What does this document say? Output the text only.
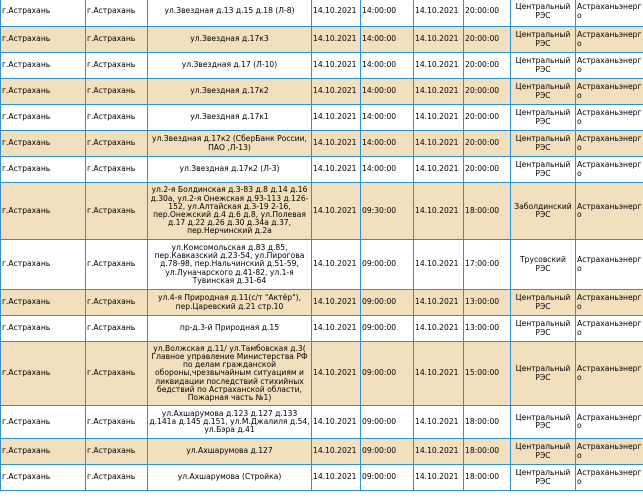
г.Астрахань	г.Астрахань	ул.Звездная д.13 д.15 д.18 (Л-8)	14.10.2021	14:00:00	14.10.2021	20:00:00	Центральный РЭС	Астраханьэнерго
г.Астрахань	г.Астрахань	ул.Звездная д.17к3	14.10.2021	14:00:00	14.10.2021	20:00:00	Центральный РЭС	Астраханьэнерго
г.Астрахань	г.Астрахань	ул.Звездная д.17 (Л-10)	14.10.2021	14:00:00	14.10.2021	20:00:00	Центральный РЭС	Астраханьэнерго
г.Астрахань	г.Астрахань	ул.Звездная д.17к2	14.10.2021	14:00:00	14.10.2021	20:00:00	Центральный РЭС	Астраханьэнерго
г.Астрахань	г.Астрахань	ул.Звездная д.17к1	14.10.2021	14:00:00	14.10.2021	20:00:00	Центральный РЭС	Астраханьэнерго
г.Астрахань	г.Астрахань	ул.Звездная д.17к2 (СберБанк России, ПАО ,Л-13)	14.10.2021	14:00:00	14.10.2021	20:00:00	Центральный РЭС	Астраханьэнерго
г.Астрахань	г.Астрахань	ул.Звездная д.17к2 (Л-3)	14.10.2021	14:00:00	14.10.2021	20:00:00	Центральный РЭС	Астраханьэнерго
г.Астрахань	г.Астрахань	ул.2-я Болдинская д.3-83 д.8 д.14 д.16 д.30а, ул.2-я Онежская д.93-113 д.126-152, ул.Алтайская д.3-19 2-16, пер.Онежский д.4 д.6 д.8, ул.Полевая д.17 д.22 д.26 д.30 д.34а д.37, пер.Нерчинский д.2а	14.10.2021	09:30:00	14.10.2021	18:00:00	Заболдинский РЭС	Астраханьэнерго
г.Астрахань	г.Астрахань	ул.Комсомольская д.83 д.85, пер.Кавказский д.23-54, ул.Пирогова д.78-98, пер.Нальчинский д.51-59, ул.Луначарского д.41-82, ул.1-я Тувинская д.31-64	14.10.2021	09:00:00	14.10.2021	17:00:00	Трусовский РЭС	Астраханьэнерго
г.Астрахань	г.Астрахань	ул.4-я Природная д.11(с/т "Актёр"), пер.Царевский д.21 стр.10	14.10.2021	09:00:00	14.10.2021	13:00:00	Центральный РЭС	Астраханьэнерго
г.Астрахань	г.Астрахань	пр-д.3-й Природная д.15	14.10.2021	09:00:00	14.10.2021	13:00:00	Центральный РЭС	Астраханьэнерго
г.Астрахань	г.Астрахань	ул.Волжская д.11/ ул.Тамбовская д.3( Главное управление Министерства РФ по делам гражданской обороны,чрезвычайным ситуациям и ликвидации последствий стихийных бедствий по Астраханской области, Пожарная часть №1)	14.10.2021	09:00:00	14.10.2021	15:00:00	Центральный РЭС	Астраханьэнерго
г.Астрахань	г.Астрахань	ул.Ахшарумова д.123 д.127 д.133 д.141а д.145 д.151, ул.М.Джалиля д.54, ул.Бэра д.41	14.10.2021	09:00:00	14.10.2021	18:00:00	Центральный РЭС	Астраханьэнерго
г.Астрахань	г.Астрахань	ул.Ахшарумова д.127	14.10.2021	09:00:00	14.10.2021	18:00:00	Центральный РЭС	Астраханьэнерго
г.Астрахань	г.Астрахань	ул.Ахшарумова (Стройка)	14.10.2021	09:00:00	14.10.2021	18:00:00	Центральный РЭС	Астраханьэнерго
